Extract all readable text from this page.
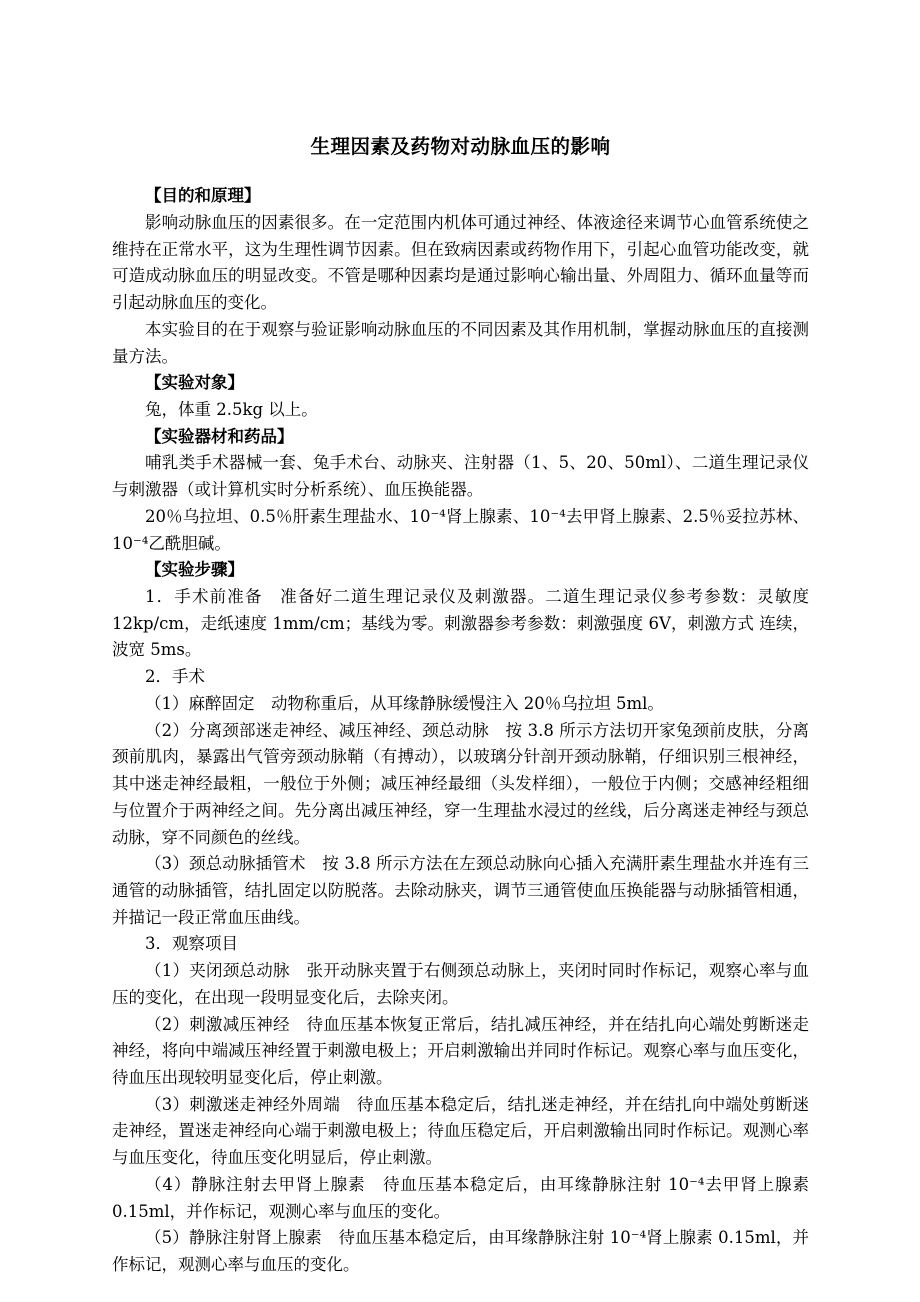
生理因素及药物对动脉血压的影响
【目的和原理】

影响动脉血压的因素很多。在一定范围内机体可通过神经、体液途径来调节心血管系统使之维持在正常水平，这为生理性调节因素。但在致病因素或药物作用下，引起心血管功能改变，就可造成动脉血压的明显改变。不管是哪种因素均是通过影响心输出量、外周阻力、循环血量等而引起动脉血压的变化。

本实验目的在于观察与验证影响动脉血压的不同因素及其作用机制，掌握动脉血压的直接测量方法。

【实验对象】

兔，体重 2.5kg 以上。

【实验器材和药品】

哺乳类手术器械一套、兔手术台、动脉夹、注射器（1、5、20、50ml）、二道生理记录仪与刺激器（或计算机实时分析系统）、血压换能器。

20％乌拉坦、0.5％肝素生理盐水、10⁻⁴肾上腺素、10⁻⁴去甲肾上腺素、2.5％妥拉苏林、10⁻⁴乙酰胆碱。

【实验步骤】

1．手术前准备　准备好二道生理记录仪及刺激器。二道生理记录仪参考参数：灵敏度 12kp/cm，走纸速度 1mm/cm；基线为零。刺激器参考参数：刺激强度 6V，刺激方式 连续，波宽 5ms。

2．手术

（1）麻醉固定　动物称重后，从耳缘静脉缓慢注入 20％乌拉坦 5ml。

（2）分离颈部迷走神经、减压神经、颈总动脉　按 3.8 所示方法切开家兔颈前皮肤，分离颈前肌肉，暴露出气管旁颈动脉鞘（有搏动），以玻璃分针剖开颈动脉鞘，仔细识别三根神经，其中迷走神经最粗，一般位于外侧；减压神经最细（头发样细），一般位于内侧；交感神经粗细与位置介于两神经之间。先分离出减压神经，穿一生理盐水浸过的丝线，后分离迷走神经与颈总动脉，穿不同颜色的丝线。

（3）颈总动脉插管术　按 3.8 所示方法在左颈总动脉向心插入充满肝素生理盐水并连有三通管的动脉插管，结扎固定以防脱落。去除动脉夹，调节三通管使血压换能器与动脉插管相通，并描记一段正常血压曲线。

3．观察项目

（1）夹闭颈总动脉　张开动脉夹置于右侧颈总动脉上，夹闭时同时作标记，观察心率与血压的变化，在出现一段明显变化后，去除夹闭。

（2）刺激减压神经　待血压基本恢复正常后，结扎减压神经，并在结扎向心端处剪断迷走神经，将向中端减压神经置于刺激电极上；开启刺激输出并同时作标记。观察心率与血压变化，待血压出现较明显变化后，停止刺激。

（3）刺激迷走神经外周端　待血压基本稳定后，结扎迷走神经，并在结扎向中端处剪断迷走神经，置迷走神经向心端于刺激电极上；待血压稳定后，开启刺激输出同时作标记。观测心率与血压变化，待血压变化明显后，停止刺激。

（4）静脉注射去甲肾上腺素　待血压基本稳定后，由耳缘静脉注射 10⁻⁴去甲肾上腺素 0.15ml，并作标记，观测心率与血压的变化。

（5）静脉注射肾上腺素　待血压基本稳定后，由耳缘静脉注射 10⁻⁴肾上腺素 0.15ml，并作标记，观测心率与血压的变化。
